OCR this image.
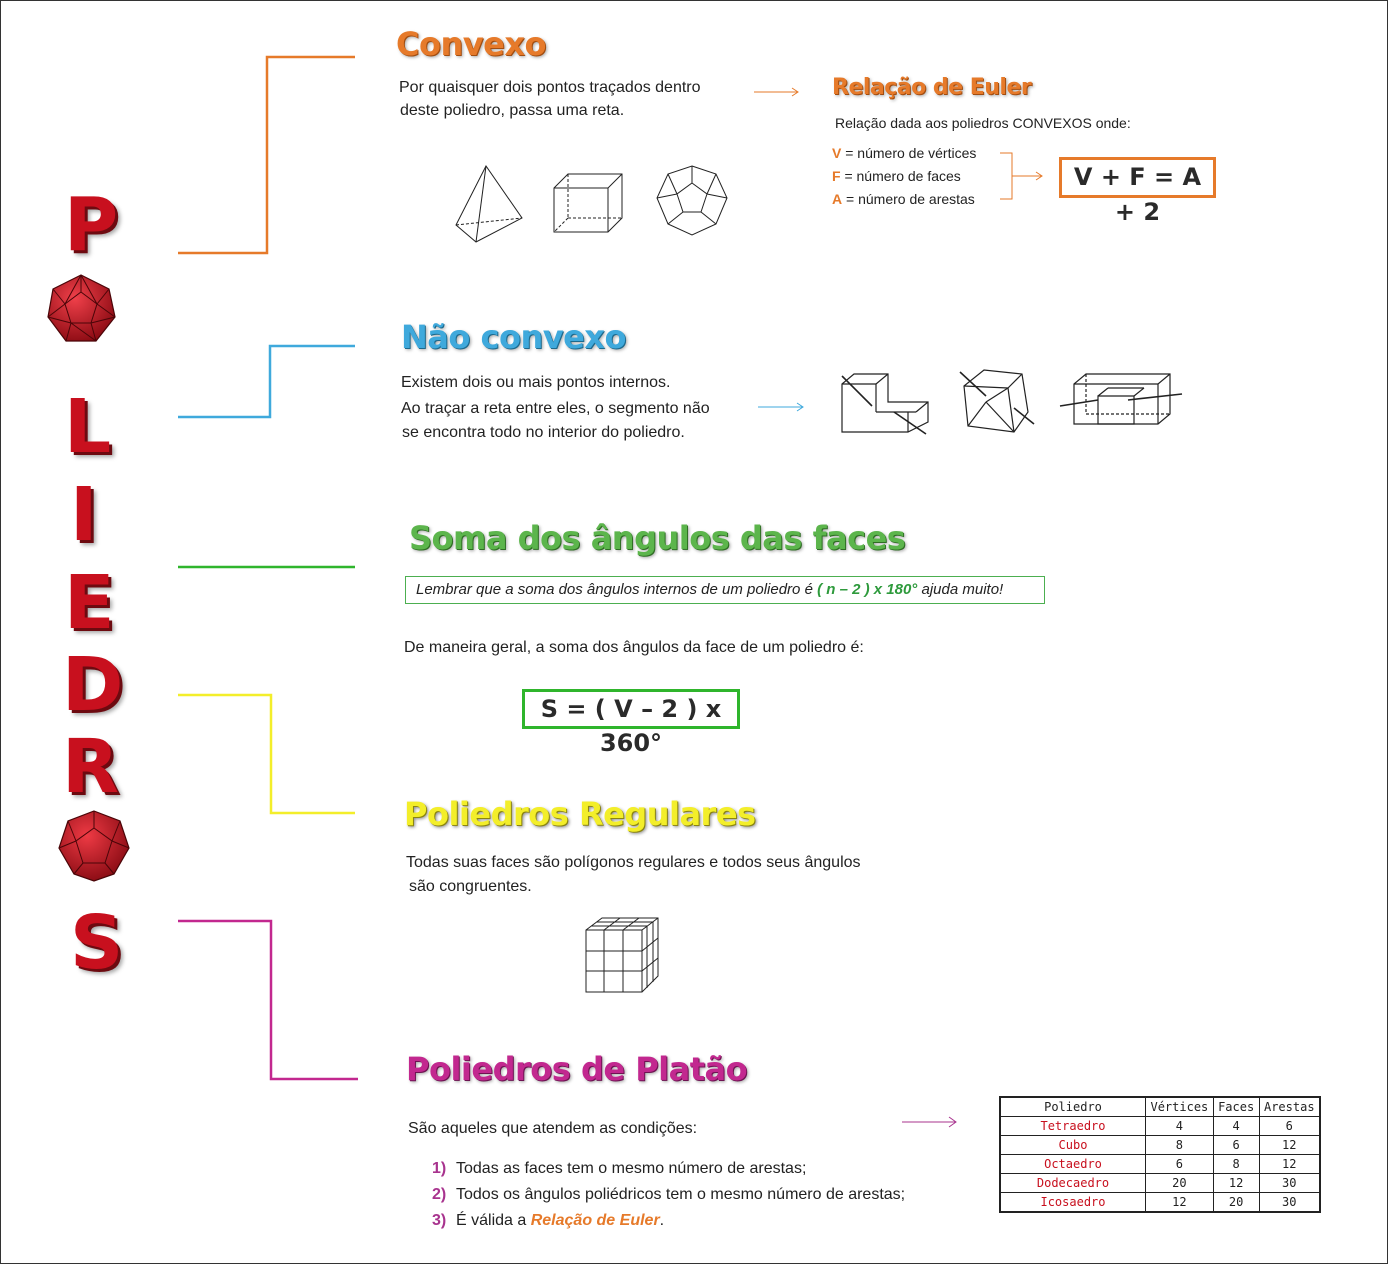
P
L
I
E
D
R
S
Convexo
Por quaisquer dois pontos traçados dentro
deste poliedro, passa uma reta.
Relação de Euler
Relação dada aos poliedros CONVEXOS onde:
V = número de vértices
F = número de faces
A = número de arestas
V + F = A + 2
Não convexo
Existem dois ou mais pontos internos.
Ao traçar a reta entre eles, o segmento não
se encontra todo no interior do poliedro.
Soma dos ângulos das faces
Lembrar que a soma dos ângulos internos de um poliedro é ( n – 2 ) x 180° ajuda muito!
De maneira geral, a soma dos ângulos da face de um poliedro é:
S = ( V – 2 ) x 360°
Poliedros Regulares
Todas suas faces são polígonos regulares e todos seus ângulos
são congruentes.
Poliedros de Platão
São aqueles que atendem as condições:
1) Todas as faces tem o mesmo número de arestas;
2) Todos os ângulos poliédricos tem o mesmo número de arestas;
3) É válida a Relação de Euler.
Poliedro	Vértices	Faces	Arestas
Tetraedro	4	4	6
Cubo	8	6	12
Octaedro	6	8	12
Dodecaedro	20	12	30
Icosaedro	12	20	30
